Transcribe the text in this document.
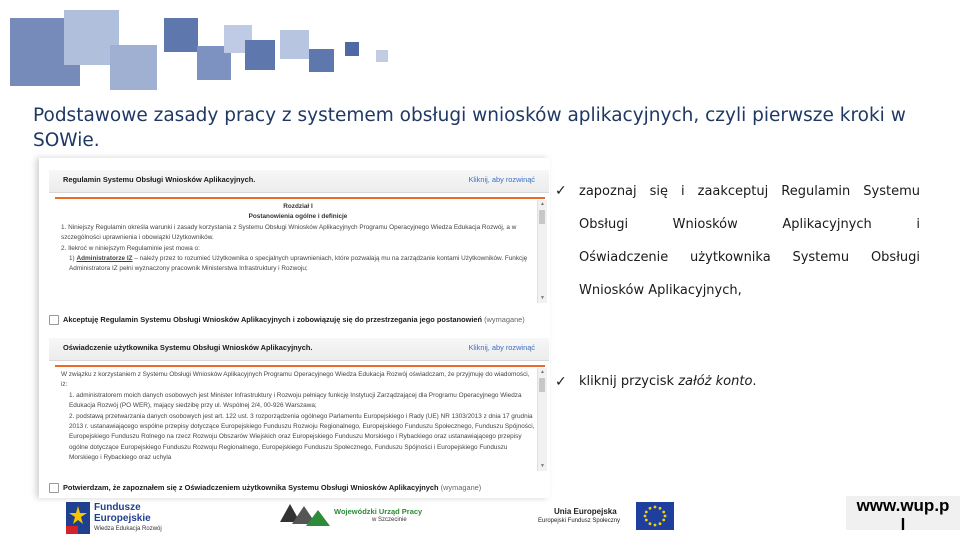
Podstawowe zasady pracy z systemem obsługi wniosków aplikacyjnych, czyli pierwsze kroki w SOWie.
Regulamin Systemu Obsługi Wniosków Aplikacyjnych.	Kliknij, aby rozwinąć
Rozdział I
Postanowienia ogólne i definicje
1. Niniejszy Regulamin określa warunki i zasady korzystania z Systemu Obsługi Wniosków Aplikacyjnych Programu Operacyjnego Wiedza Edukacja Rozwój, a w szczególności uprawnienia i obowiązki Użytkowników.
2. Ilekroć w niniejszym Regulaminie jest mowa o:
1) Administratorze IZ – należy przez to rozumieć Użytkownika o specjalnych uprawnieniach, które pozwalają mu na zarządzanie kontami Użytkowników. Funkcję Administratora IZ pełni wyznaczony pracownik Ministerstwa Infrastruktury i Rozwoju;
▲
▼
Akceptuję Regulamin Systemu Obsługi Wniosków Aplikacyjnych i zobowiązuję się do przestrzegania jego postanowień (wymagane)
Oświadczenie użytkownika Systemu Obsługi Wniosków Aplikacyjnych.	Kliknij, aby rozwinąć
W związku z korzystaniem z Systemu Obsługi Wniosków Aplikacyjnych Programu Operacyjnego Wiedza Edukacja Rozwój oświadczam, że przyjmuję do wiadomości, iż:
1. administratorem moich danych osobowych jest Minister Infrastruktury i Rozwoju pełniący funkcję Instytucji Zarządzającej dla Programu Operacyjnego Wiedza Edukacja Rozwój (PO WER), mający siedzibę przy ul. Wspólnej 2/4, 00-926 Warszawa;
2. podstawą przetwarzania danych osobowych jest art. 122 ust. 3 rozporządzenia ogólnego Parlamentu Europejskiego i Rady (UE) NR 1303/2013 z dnia 17 grudnia 2013 r. ustanawiającego wspólne przepisy dotyczące Europejskiego Funduszu Rozwoju Regionalnego, Europejskiego Funduszu Społecznego, Funduszu Spójności, Europejskiego Funduszu Rolnego na rzecz Rozwoju Obszarów Wiejskich oraz Europejskiego Funduszu Morskiego i Rybackiego oraz ustanawiającego przepisy ogólne dotyczące Europejskiego Funduszu Rozwoju Regionalnego, Europejskiego Funduszu Społecznego, Funduszu Spójności i Europejskiego Funduszu Morskiego i Rybackiego oraz uchyla
▲
▼
Potwierdzam, że zapoznałem się z Oświadczeniem użytkownika Systemu Obsługi Wniosków Aplikacyjnych (wymagane)
✓ zapoznaj się i zaakceptuj Regulamin Systemu
Obsługi Wniosków Aplikacyjnych i
Oświadczenie użytkownika Systemu Obsługi
Wniosków Aplikacyjnych,
✓ kliknij przycisk załóż konto.
Fundusze
Europejskie
Wiedza Edukacja Rozwój
Wojewódzki Urząd Pracy
w Szczecinie
Unia Europejska
Europejski Fundusz Społeczny
www.wup.p
l
